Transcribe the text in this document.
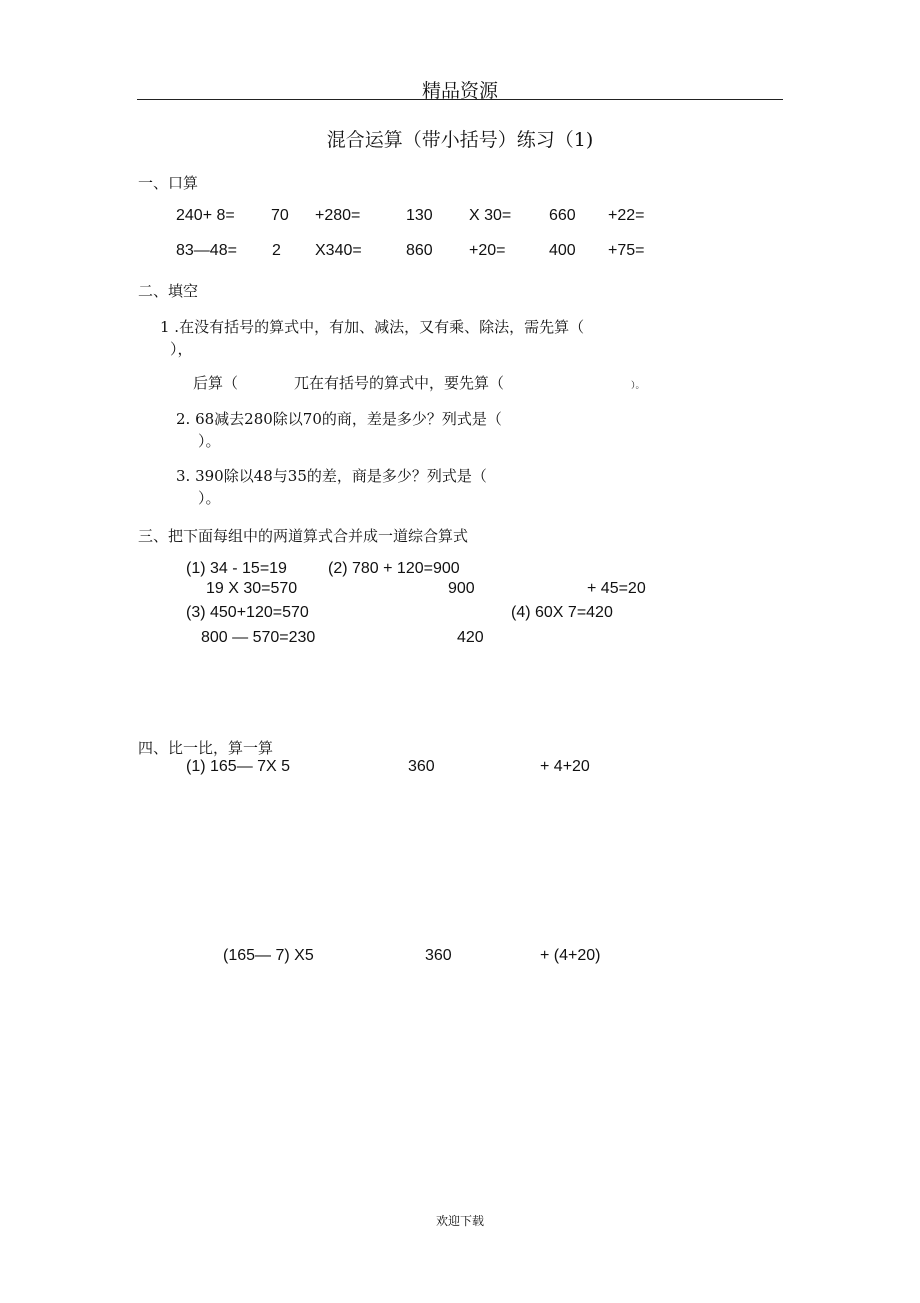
精品资源
混合运算（带小括号）练习（1)
一、口算
240+ 8= 70 +280=	130 X 30= 660 +22=
83—48= 2 X340=	860 +20=	400 +75=
二、填空
1 .在没有括号的算式中，有加、减法，又有乘、除法，需先算（
），
后算（	兀在有括号的算式中，要先算（	）。
2. 68减去280除以70的商，差是多少？列式是（
）。
3. 390除以48与35的差，商是多少？列式是（
）。
三、把下面每组中的两道算式合并成一道综合算式
(1) 34 - 15=19	(2) 780 + 120=900
19 X 30=570	900	+ 45=20
(3) 450+120=570	(4) 60X 7=420
800 — 570=230	420
四、比一比，算一算
(1) 165— 7X 5	360	+ 4+20
(165— 7) X5	360	+ (4+20)
欢迎下载
